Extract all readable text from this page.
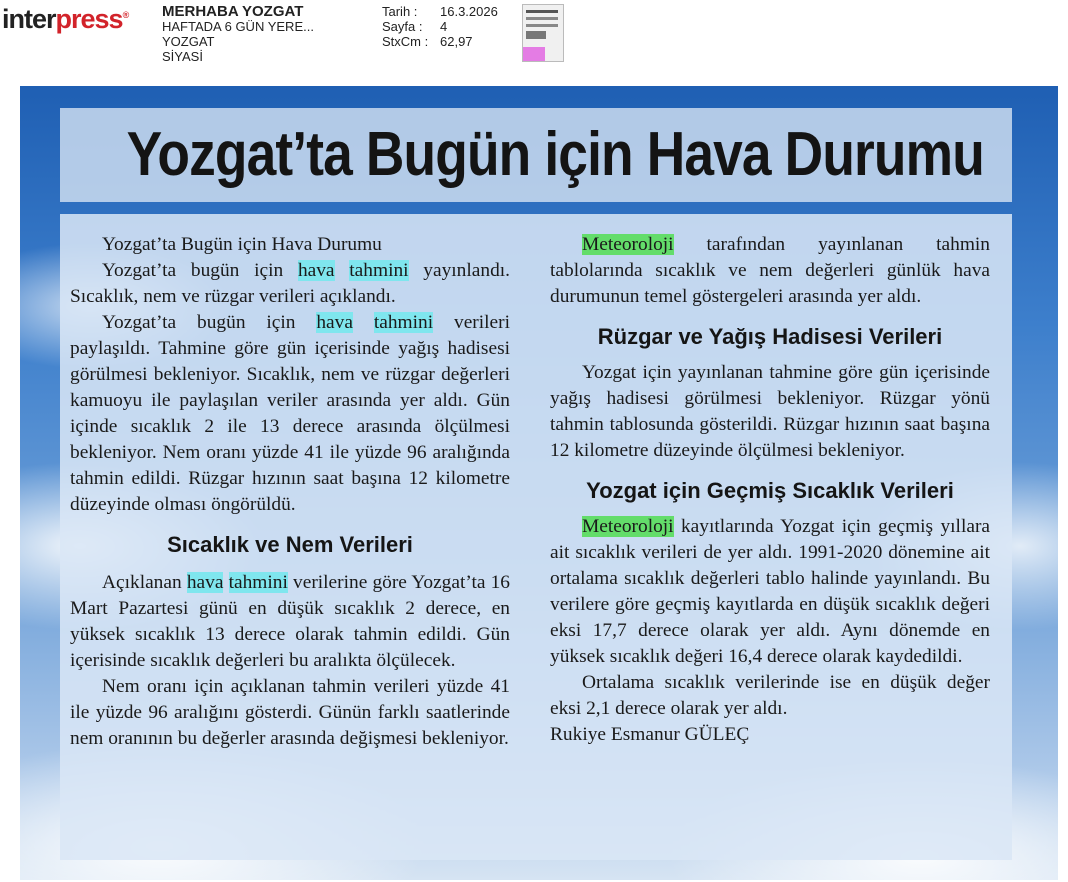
interpress® MERHABA YOZGAT
HAFTADA 6 GÜN YERE...
YOZGAT
SİYASİ
Tarih :	16.3.2026
Sayfa :	4
StxCm : 62,97
Yozgat’ta Bugün için Hava Durumu

Yozgat’ta Bugün için Hava Durumu

Yozgat’ta bugün için hava tahmini yayınlandı. Sıcaklık, nem ve rüzgar verileri açıklandı.

Yozgat’ta bugün için hava tahmini verileri paylaşıldı. Tahmine göre gün içerisinde yağış hadisesi görülmesi bekleniyor. Sıcaklık, nem ve rüzgar değerleri kamuoyu ile paylaşılan veriler arasında yer aldı. Gün içinde sıcaklık 2 ile 13 derece arasında ölçülmesi bekleniyor. Nem oranı yüzde 41 ile yüzde 96 aralığında tahmin edildi. Rüzgar hızının saat başına 12 kilometre düzeyinde olması öngörüldü.

Sıcaklık ve Nem Verileri

Açıklanan hava tahmini verilerine göre Yozgat’ta 16 Mart Pazartesi günü en düşük sıcaklık 2 derece, en yüksek sıcaklık 13 derece olarak tahmin edildi. Gün içerisinde sıcaklık değerleri bu aralıkta ölçülecek.

Nem oranı için açıklanan tahmin verileri yüzde 41 ile yüzde 96 aralığını gösterdi. Günün farklı saatlerinde nem oranının bu değerler arasında değişmesi bekleniyor.

Meteoroloji tarafından yayınlanan tahmin tablolarında sıcaklık ve nem değerleri günlük hava durumunun temel göstergeleri arasında yer aldı.

Rüzgar ve Yağış Hadisesi Verileri

Yozgat için yayınlanan tahmine göre gün içerisinde yağış hadisesi görülmesi bekleniyor. Rüzgar yönü tahmin tablosunda gösterildi. Rüzgar hızının saat başına 12 kilometre düzeyinde ölçülmesi bekleniyor.

Yozgat için Geçmiş Sıcaklık Verileri

Meteoroloji kayıtlarında Yozgat için geçmiş yıllara ait sıcaklık verileri de yer aldı. 1991-2020 dönemine ait ortalama sıcaklık değerleri tablo halinde yayınlandı. Bu verilere göre geçmiş kayıtlarda en düşük sıcaklık değeri eksi 17,7 derece olarak yer aldı. Aynı dönemde en yüksek sıcaklık değeri 16,4 derece olarak kaydedildi.

Ortalama sıcaklık verilerinde ise en düşük değer eksi 2,1 derece olarak yer aldı.

Rukiye Esmanur GÜLEÇ
